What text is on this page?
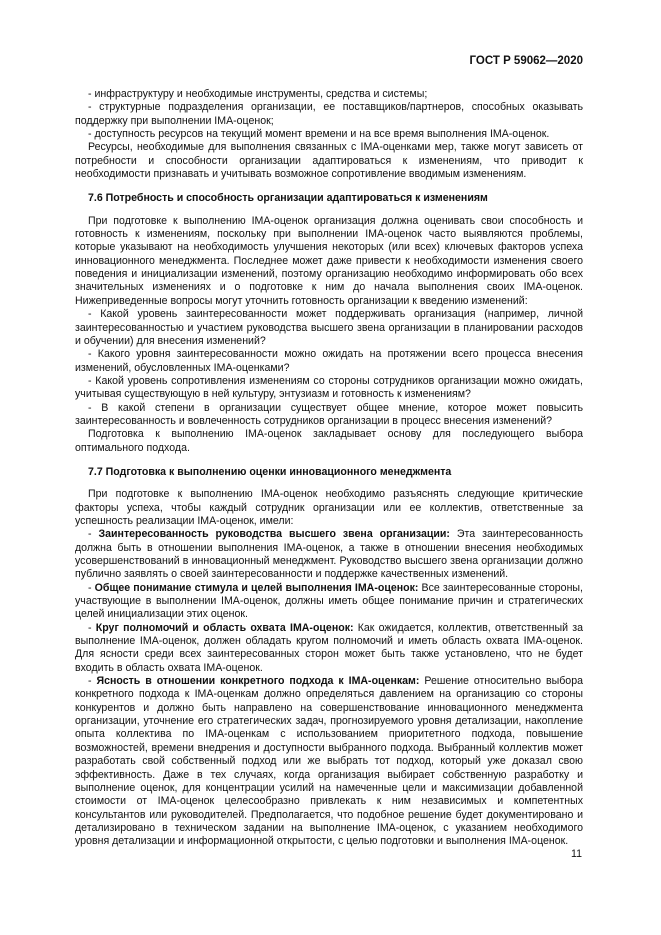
ГОСТ Р 59062—2020

- инфраструктуру и необходимые инструменты, средства и системы;

- структурные подразделения организации, ее поставщиков/партнеров, способных оказывать поддержку при выполнении IMA-оценок;

- доступность ресурсов на текущий момент времени и на все время выполнения IMA-оценок.

Ресурсы, необходимые для выполнения связанных с IMA-оценками мер, также могут зависеть от потребности и способности организации адаптироваться к изменениям, что приводит к необходимости признавать и учитывать возможное сопротивление вводимым изменениям.

7.6 Потребность и способность организации адаптироваться к изменениям

При подготовке к выполнению IMA-оценок организация должна оценивать свои способность и готовность к изменениям, поскольку при выполнении IMA-оценок часто выявляются проблемы, которые указывают на необходимость улучшения некоторых (или всех) ключевых факторов успеха инновационного менеджмента. Последнее может даже привести к необходимости изменения своего поведения и инициализации изменений, поэтому организацию необходимо информировать обо всех значительных изменениях и о подготовке к ним до начала выполнения своих IMA-оценок. Нижеприведенные вопросы могут уточнить готовность организации к введению изменений:

- Какой уровень заинтересованности может поддерживать организация (например, личной заинтересованностью и участием руководства высшего звена организации в планировании расходов и обучении) для внесения изменений?

- Какого уровня заинтересованности можно ожидать на протяжении всего процесса внесения изменений, обусловленных IMA-оценками?

- Какой уровень сопротивления изменениям со стороны сотрудников организации можно ожидать, учитывая существующую в ней культуру, энтузиазм и готовность к изменениям?

- В какой степени в организации существует общее мнение, которое может повысить заинтересованность и вовлеченность сотрудников организации в процесс внесения изменений?

Подготовка к выполнению IMA-оценок закладывает основу для последующего выбора оптимального подхода.

7.7 Подготовка к выполнению оценки инновационного менеджмента

При подготовке к выполнению IMA-оценок необходимо разъяснять следующие критические факторы успеха, чтобы каждый сотрудник организации или ее коллектив, ответственные за успешность реализации IMA-оценок, имели:

- Заинтересованность руководства высшего звена организации: Эта заинтересованность должна быть в отношении выполнения IMA-оценок, а также в отношении внесения необходимых усовершенствований в инновационный менеджмент. Руководство высшего звена организации должно публично заявлять о своей заинтересованности и поддержке качественных изменений.

- Общее понимание стимула и целей выполнения IMA-оценок: Все заинтересованные стороны, участвующие в выполнении IMA-оценок, должны иметь общее понимание причин и стратегических целей инициализации этих оценок.

- Круг полномочий и область охвата IMA-оценок: Как ожидается, коллектив, ответственный за выполнение IMA-оценок, должен обладать кругом полномочий и иметь область охвата IMA-оценок. Для ясности среди всех заинтересованных сторон может быть также установлено, что не будет входить в область охвата IMA-оценок.

- Ясность в отношении конкретного подхода к IMA-оценкам: Решение относительно выбора конкретного подхода к IMA-оценкам должно определяться давлением на организацию со стороны конкурентов и должно быть направлено на совершенствование инновационного менеджмента организации, уточнение его стратегических задач, прогнозируемого уровня детализации, накопление опыта коллектива по IMA-оценкам с использованием приоритетного подхода, повышение возможностей, времени внедрения и доступности выбранного подхода. Выбранный коллектив может разработать свой собственный подход или же выбрать тот подход, который уже доказал свою эффективность. Даже в тех случаях, когда организация выбирает собственную разработку и выполнение оценок, для концентрации усилий на намеченные цели и максимизации добавленной стоимости от IMA-оценок целесообразно привлекать к ним независимых и компетентных консультантов или руководителей. Предполагается, что подобное решение будет документировано и детализировано в техническом задании на выполнение IMA-оценок, с указанием необходимого уровня детализации и информационной открытости, с целью подготовки и выполнения IMA-оценок.

11
